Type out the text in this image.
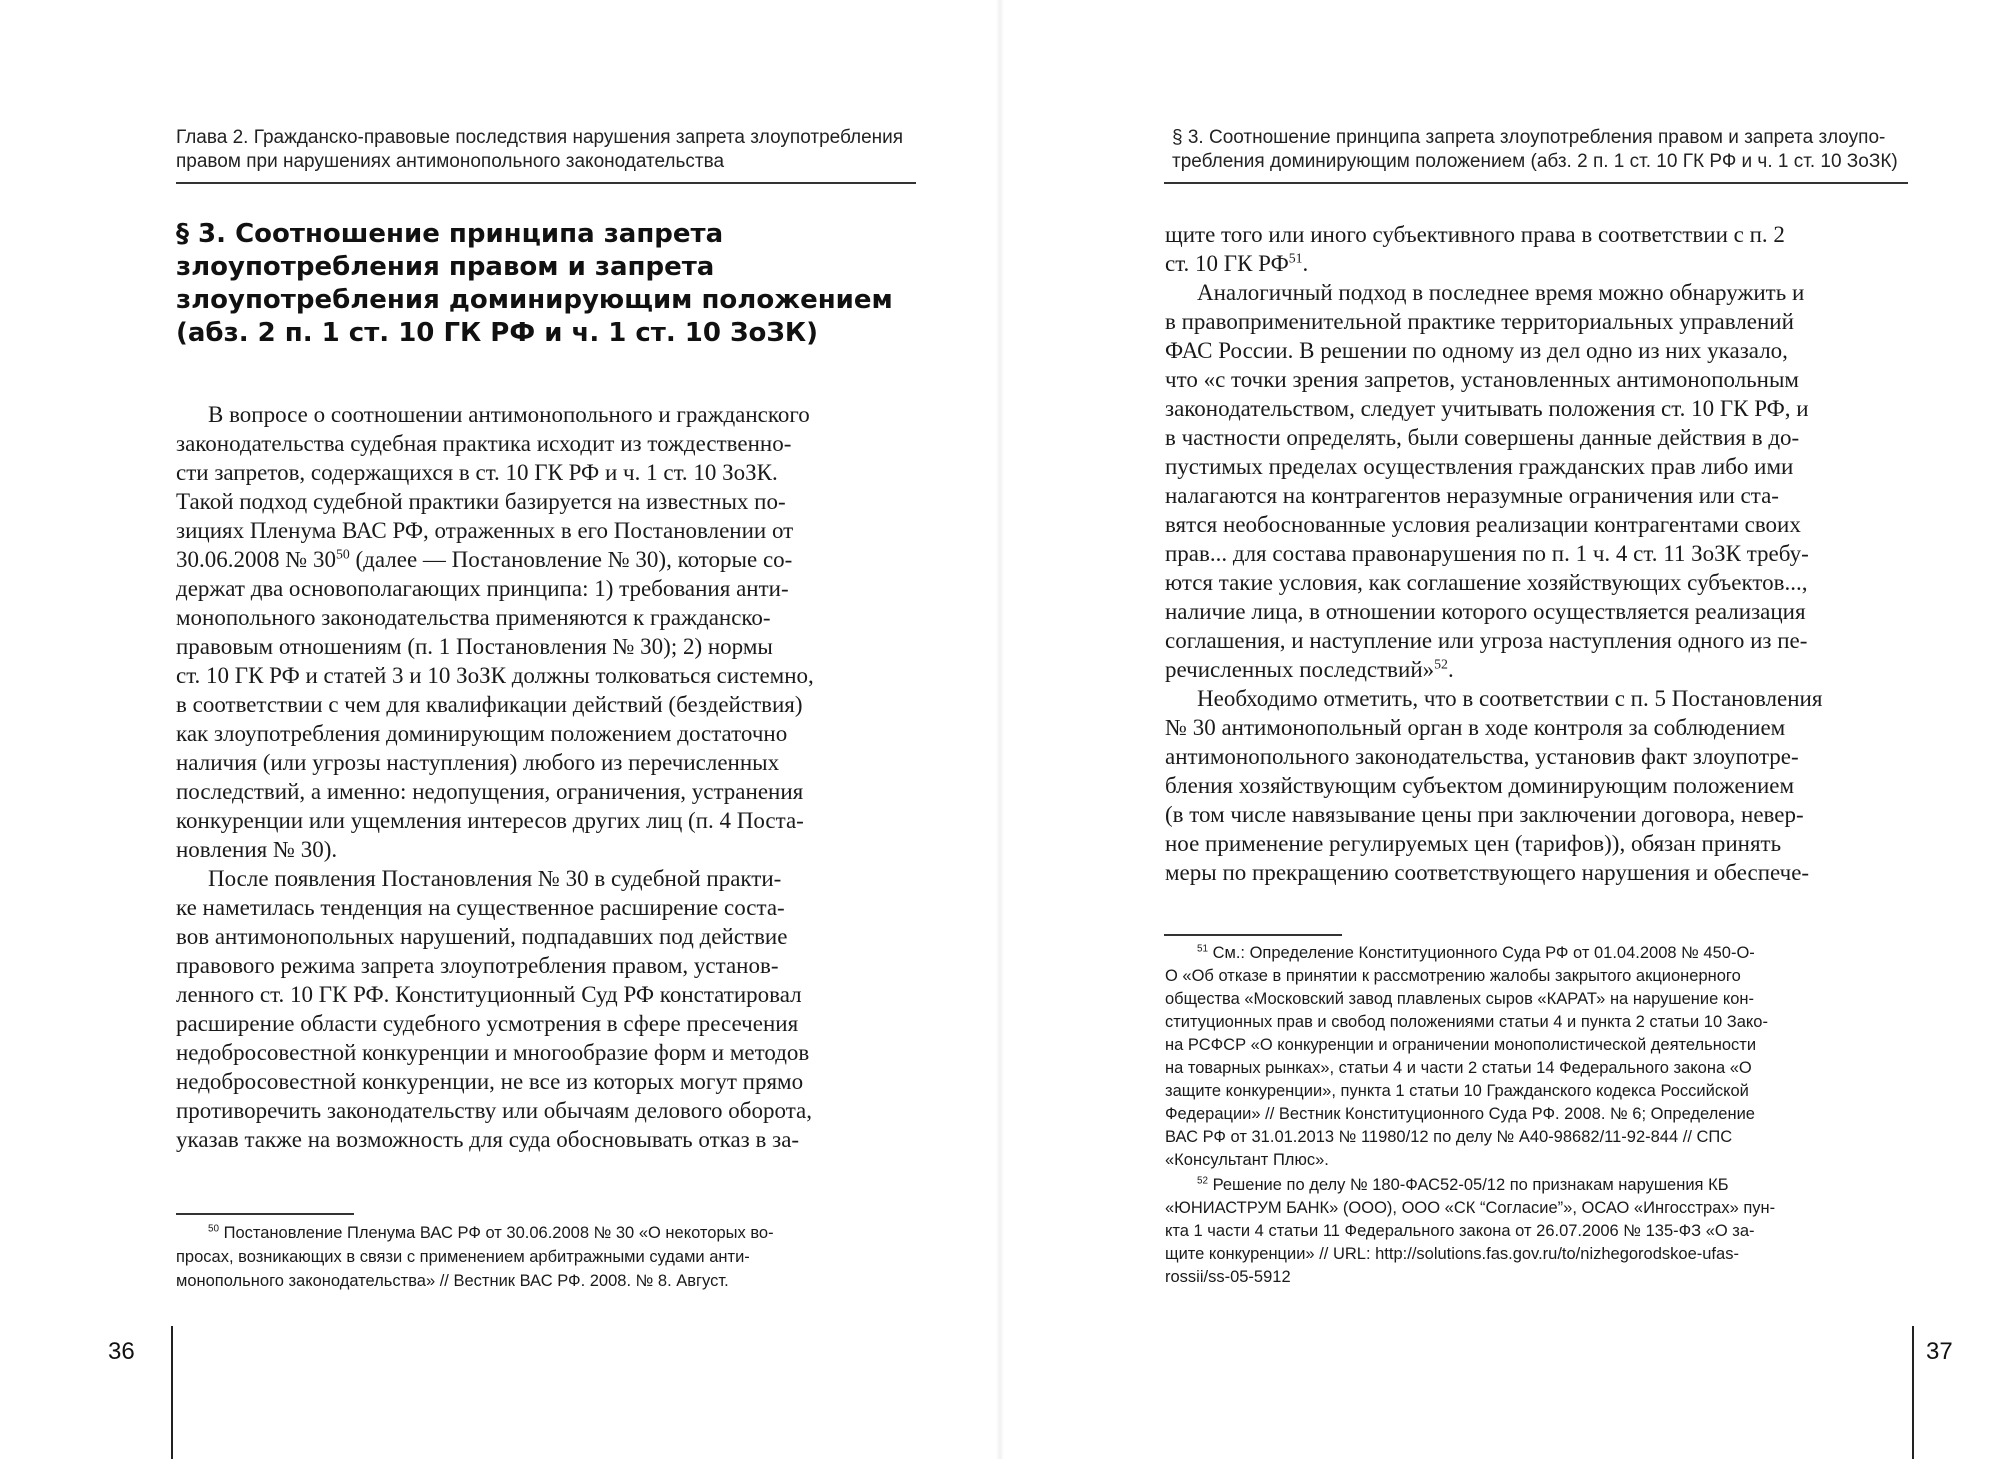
Глава 2. Гражданско-правовые последствия нарушения запрета злоупотребления
правом при нарушениях антимонопольного законодательства
§ 3. Соотношение принципа запрета
злоупотребления правом и запрета
злоупотребления доминирующим положением
(абз. 2 п. 1 ст. 10 ГК РФ и ч. 1 ст. 10 ЗоЗК)
В вопросе о соотношении антимонопольного и гражданского
законодательства судебная практика исходит из тождественно-
сти запретов, содержащихся в ст. 10 ГК РФ и ч. 1 ст. 10 ЗоЗК.
Такой подход судебной практики базируется на известных по-
зициях Пленума ВАС РФ, отраженных в его Постановлении от
30.06.2008 № $30^{50}$ (далее — Постановление № 30), которые со-
держат два основополагающих принципа: 1) требования анти-
монопольного законодательства применяются к гражданско-
правовым отношениям (п. 1 Постановления № 30); 2) нормы
ст. 10 ГК РФ и статей 3 и 10 ЗоЗК должны толковаться системно,
в соответствии с чем для квалификации действий (бездействия)
как злоупотребления доминирующим положением достаточно
наличия (или угрозы наступления) любого из перечисленных
последствий, а именно: недопущения, ограничения, устранения
конкуренции или ущемления интересов других лиц (п. 4 Поста-
новления № 30).
После появления Постановления № 30 в судебной практи-
ке наметилась тенденция на существенное расширение соста-
вов антимонопольных нарушений, подпадавших под действие
правового режима запрета злоупотребления правом, установ-
ленного ст. 10 ГК РФ. Конституционный Суд РФ констатировал
расширение области судебного усмотрения в сфере пресечения
недобросовестной конкуренции и многообразие форм и методов
недобросовестной конкуренции, не все из которых могут прямо
противоречить законодательству или обычаям делового оборота,
указав также на возможность для суда обосновывать отказ в за-
$^{50}$ Постановление Пленума ВАС РФ от 30.06.2008 № 30 «О некоторых во-
просах, возникающих в связи с применением арбитражными судами анти-
монопольного законодательства» // Вестник ВАС РФ. 2008. № 8. Август.
36
§ 3. Соотношение принципа запрета злоупотребления правом и запрета злоупо-
требления доминирующим положением (абз. 2 п. 1 ст. 10 ГК РФ и ч. 1 ст. 10 ЗоЗК)
щите того или иного субъективного права в соответствии с п. 2
ст. 10 ГК РФ$^{51}$.
Аналогичный подход в последнее время можно обнаружить и
в правоприменительной практике территориальных управлений
ФАС России. В решении по одному из дел одно из них указало,
что «с точки зрения запретов, установленных антимонопольным
законодательством, следует учитывать положения ст. 10 ГК РФ, и
в частности определять, были совершены данные действия в до-
пустимых пределах осуществления гражданских прав либо ими
налагаются на контрагентов неразумные ограничения или ста-
вятся необоснованные условия реализации контрагентами своих
прав... для состава правонарушения по п. 1 ч. 4 ст. 11 ЗоЗК требу-
ются такие условия, как соглашение хозяйствующих субъектов...,
наличие лица, в отношении которого осуществляется реализация
соглашения, и наступление или угроза наступления одного из пе-
речисленных последствий»$^{52}$.
Необходимо отметить, что в соответствии с п. 5 Постановления
№ 30 антимонопольный орган в ходе контроля за соблюдением
антимонопольного законодательства, установив факт злоупотре-
бления хозяйствующим субъектом доминирующим положением
(в том числе навязывание цены при заключении договора, невер-
ное применение регулируемых цен (тарифов)), обязан принять
меры по прекращению соответствующего нарушения и обеспече-
$^{51}$ См.: Определение Конституционного Суда РФ от 01.04.2008 № 450-О-
О «Об отказе в принятии к рассмотрению жалобы закрытого акционерного
общества «Московский завод плавленых сыров «КАРАТ» на нарушение кон-
ституционных прав и свобод положениями статьи 4 и пункта 2 статьи 10 Зако-
на РСФСР «О конкуренции и ограничении монополистической деятельности
на товарных рынках», статьи 4 и части 2 статьи 14 Федерального закона «О
защите конкуренции», пункта 1 статьи 10 Гражданского кодекса Российской
Федерации» // Вестник Конституционного Суда РФ. 2008. № 6; Определение
ВАС РФ от 31.01.2013 № 11980/12 по делу № А40-98682/11-92-844 // СПС
«Консультант Плюс».
$^{52}$ Решение по делу № 180-ФАС52-05/12 по признакам нарушения КБ
«ЮНИАСТРУМ БАНК» (ООО), ООО «СК “Согласие”», ОСАО «Ингосстрах» пун-
кта 1 части 4 статьи 11 Федерального закона от 26.07.2006 № 135-ФЗ «О за-
щите конкуренции» // URL: http://solutions.fas.gov.ru/to/nizhegorodskoe-ufas-
rossii/ss-05-5912
37
